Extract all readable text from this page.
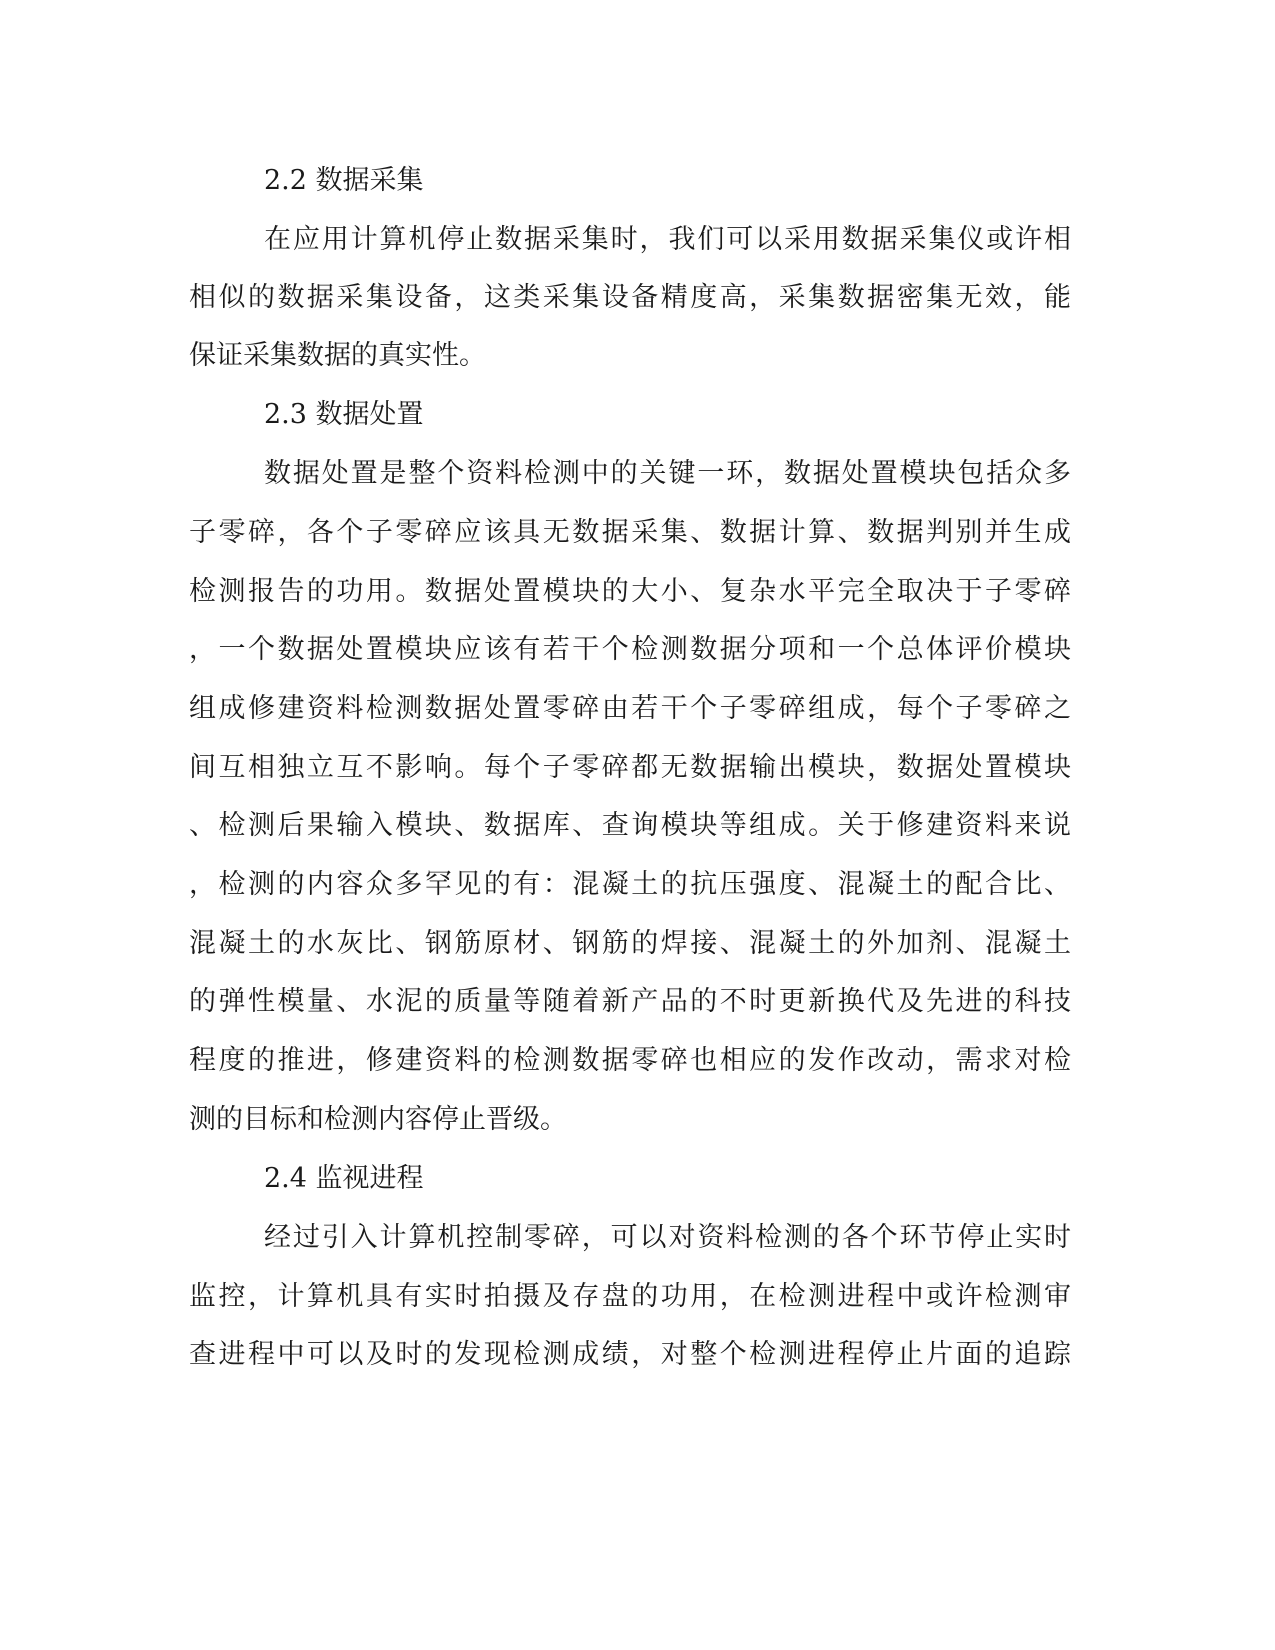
2.2 数据采集
在应用计算机停止数据采集时，我们可以采用数据采集仪或许相
相似的数据采集设备，这类采集设备精度高，采集数据密集无效，能
保证采集数据的真实性。
2.3 数据处置
数据处置是整个资料检测中的关键一环，数据处置模块包括众多
子零碎，各个子零碎应该具无数据采集、数据计算、数据判别并生成
检测报告的功用。数据处置模块的大小、复杂水平完全取决于子零碎
，一个数据处置模块应该有若干个检测数据分项和一个总体评价模块
组成修建资料检测数据处置零碎由若干个子零碎组成，每个子零碎之
间互相独立互不影响。每个子零碎都无数据输出模块，数据处置模块
、检测后果输入模块、数据库、查询模块等组成。关于修建资料来说
，检测的内容众多罕见的有：混凝土的抗压强度、混凝土的配合比、
混凝土的水灰比、钢筋原材、钢筋的焊接、混凝土的外加剂、混凝土
的弹性模量、水泥的质量等随着新产品的不时更新换代及先进的科技
程度的推进，修建资料的检测数据零碎也相应的发作改动，需求对检
测的目标和检测内容停止晋级。
2.4 监视进程
经过引入计算机控制零碎，可以对资料检测的各个环节停止实时
监控，计算机具有实时拍摄及存盘的功用，在检测进程中或许检测审
查进程中可以及时的发现检测成绩，对整个检测进程停止片面的追踪
